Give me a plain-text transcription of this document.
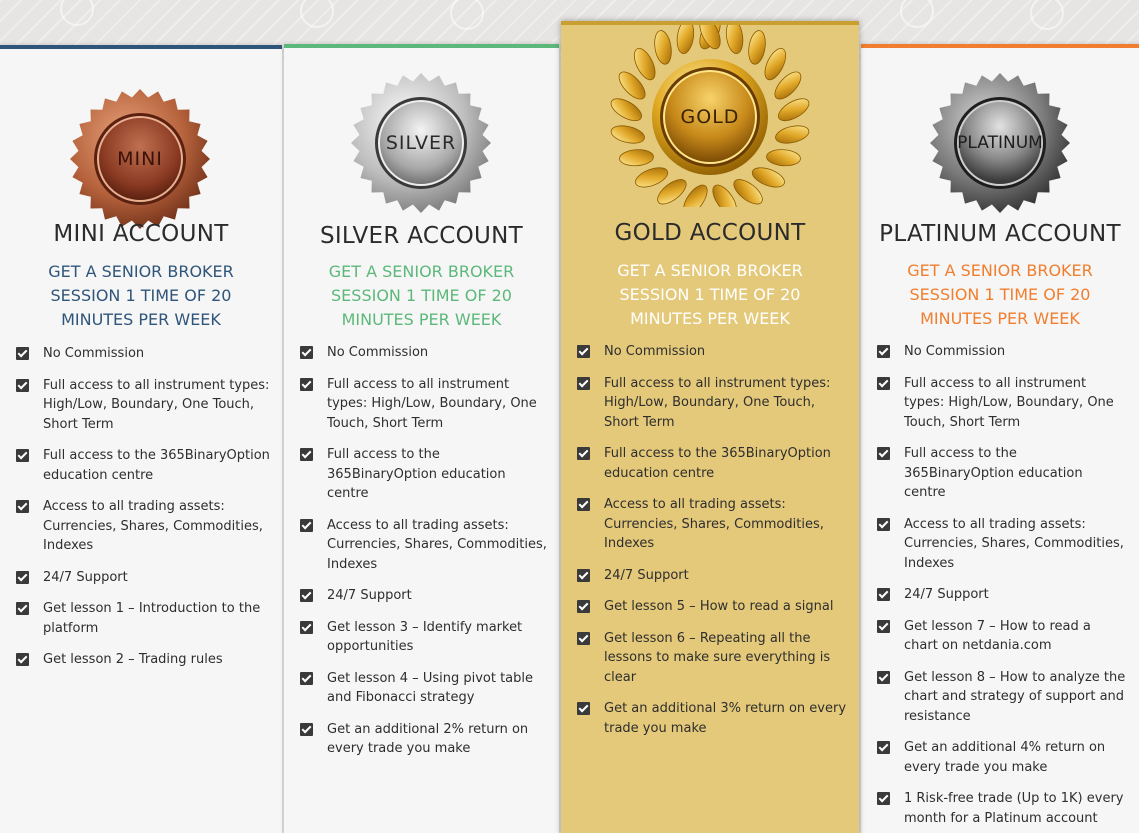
MINI
MINI ACCOUNT
GET A SENIOR BROKER SESSION 1 TIME OF 20 MINUTES PER WEEK
No Commission
Full access to all instrument types: High/Low, Boundary, One Touch, Short Term
Full access to the 365BinaryOption education centre
Access to all trading assets: Currencies, Shares, Commodities, Indexes
24/7 Support
Get lesson 1 – Introduction to the platform
Get lesson 2 – Trading rules
SILVER
SILVER ACCOUNT
GET A SENIOR BROKER SESSION 1 TIME OF 20 MINUTES PER WEEK
No Commission
Full access to all instrument types: High/Low, Boundary, One Touch, Short Term
Full access to the 365BinaryOption education centre
Access to all trading assets: Currencies, Shares, Commodities, Indexes
24/7 Support
Get lesson 3 – Identify market opportunities
Get lesson 4 – Using pivot table and Fibonacci strategy
Get an additional 2% return on every trade you make
GOLD
GOLD ACCOUNT
GET A SENIOR BROKER SESSION 1 TIME OF 20 MINUTES PER WEEK
No Commission
Full access to all instrument types: High/Low, Boundary, One Touch, Short Term
Full access to the 365BinaryOption education centre
Access to all trading assets: Currencies, Shares, Commodities, Indexes
24/7 Support
Get lesson 5 – How to read a signal
Get lesson 6 – Repeating all the lessons to make sure everything is clear
Get an additional 3% return on every trade you make
PLATINUM
PLATINUM ACCOUNT
GET A SENIOR BROKER SESSION 1 TIME OF 20 MINUTES PER WEEK
No Commission
Full access to all instrument types: High/Low, Boundary, One Touch, Short Term
Full access to the 365BinaryOption education centre
Access to all trading assets: Currencies, Shares, Commodities, Indexes
24/7 Support
Get lesson 7 – How to read a chart on netdania.com
Get lesson 8 – How to analyze the chart and strategy of support and resistance
Get an additional 4% return on every trade you make
1 Risk-free trade (Up to 1K) every month for a Platinum account
